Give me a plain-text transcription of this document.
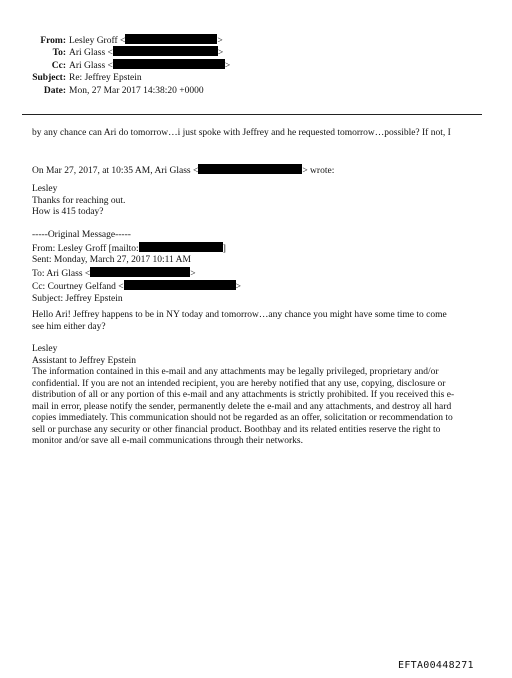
From: Lesley Groff <	>
To: Ari Glass <	>
Cc: Ari Glass <	>
Subject: Re: Jeffrey Epstein
Date: Mon, 27 Mar 2017 14:38:20 +0000
by any chance can Ari do tomorrow…i just spoke with Jeffrey and he requested tomorrow…possible? If not, I
On Mar 27, 2017, at 10:35 AM, Ari Glass <	> wrote:
Lesley
Thanks for reaching out.
How is 415 today?
-----Original Message-----
From: Lesley Groff [mailto:	]
Sent: Monday, March 27, 2017 10:11 AM
To: Ari Glass <	>
Cc: Courtney Gelfand <	>
Subject: Jeffrey Epstein
Hello Ari! Jeffrey happens to be in NY today and tomorrow…any chance you might have some time to come
see him either day?
Lesley
Assistant to Jeffrey Epstein
The information contained in this e-mail and any attachments may be legally privileged, proprietary and/or
confidential. If you are not an intended recipient, you are hereby notified that any use, copying, disclosure or
distribution of all or any portion of this e-mail and any attachments is strictly prohibited. If you received this e-
mail in error, please notify the sender, permanently delete the e-mail and any attachments, and destroy all hard
copies immediately. This communication should not be regarded as an offer, solicitation or recommendation to
sell or purchase any security or other financial product. Boothbay and its related entities reserve the right to
monitor and/or save all e-mail communications through their networks.
EFTA00448271
